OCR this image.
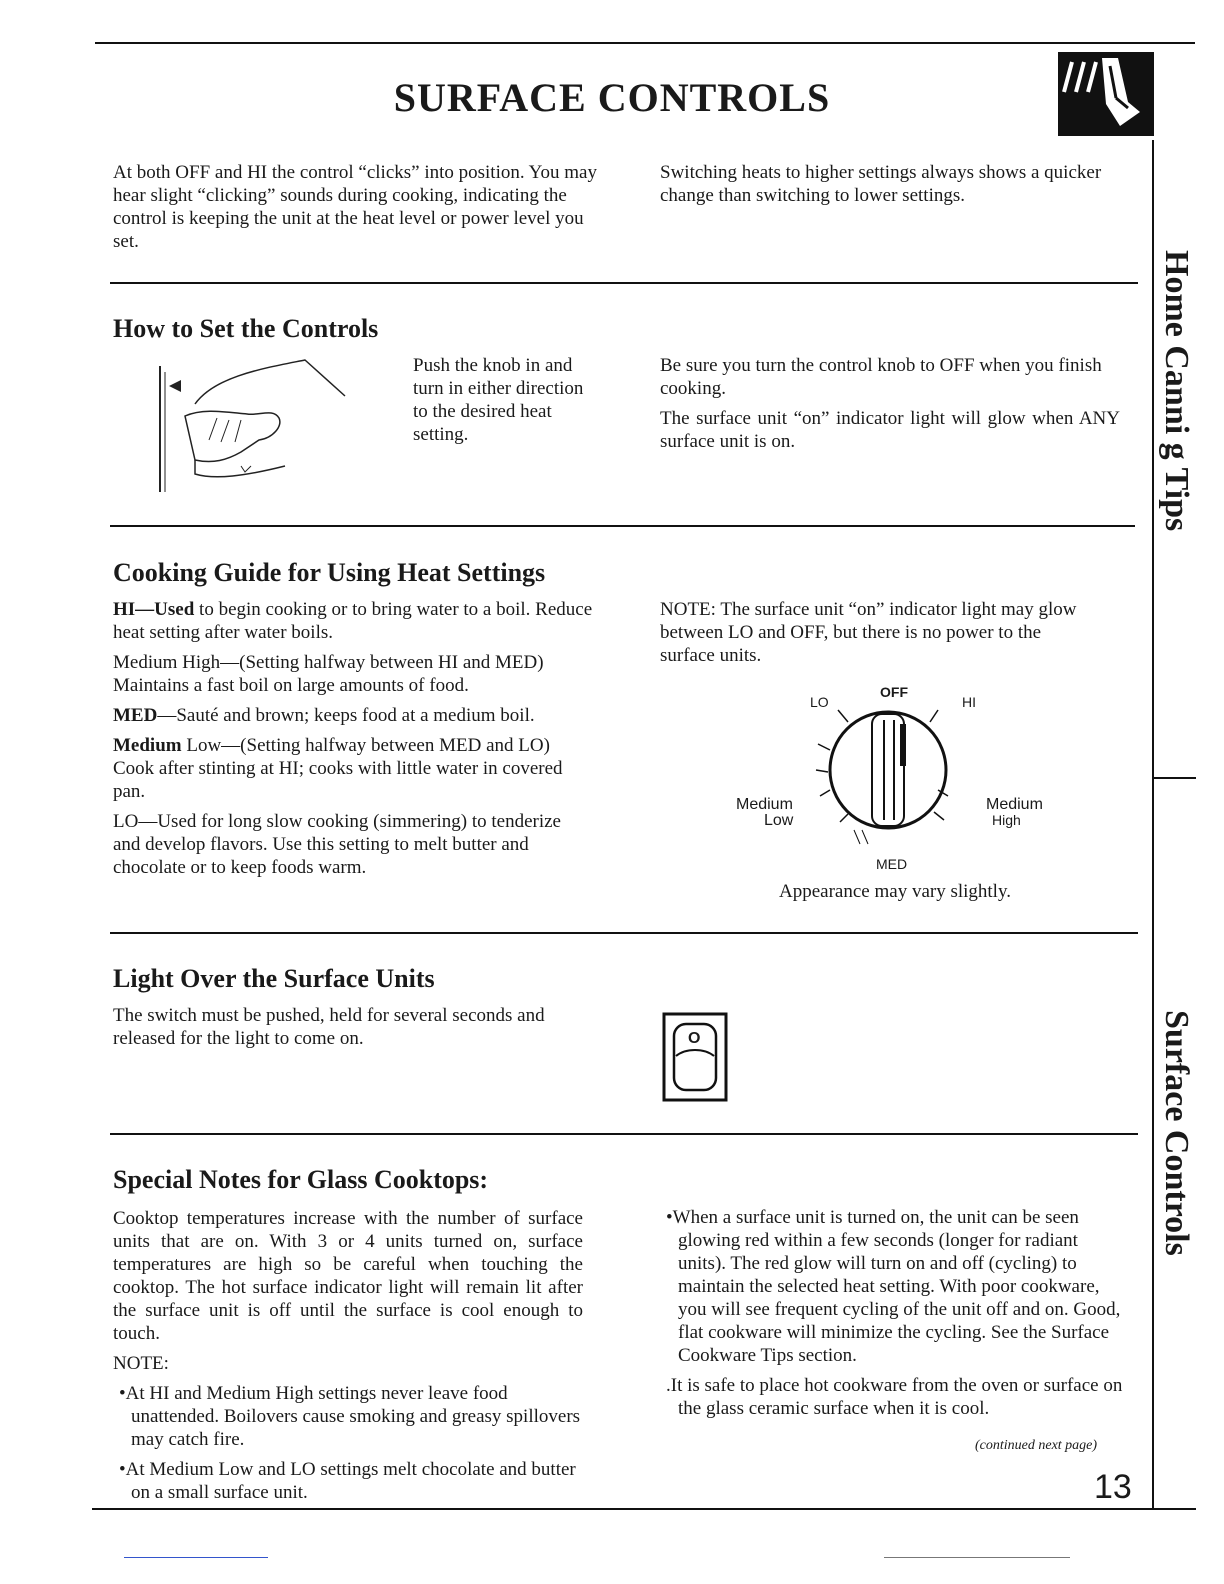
SURFACE CONTROLS
Home Canni g Tips
Surface Controls

At both OFF and HI the control “clicks” into position. You may hear slight “clicking” sounds during cooking, indicating the control is keeping the unit at the heat level or power level you set.

Switching heats to higher settings always shows a quicker change than switching to lower settings.

How to Set the Controls

Push the knob in and turn in either direction to the desired heat setting.

Be sure you turn the control knob to OFF when you finish cooking.

The surface unit “on” indicator light will glow when ANY surface unit is on.

Cooking Guide for Using Heat Settings

HI—Used to begin cooking or to bring water to a boil. Reduce heat setting after water boils.

Medium High—(Setting halfway between HI and MED) Maintains a fast boil on large amounts of food.

MED—Sauté and brown; keeps food at a medium boil.

Medium Low—(Setting halfway between MED and LO) Cook after stinting at HI; cooks with little water in covered pan.

LO—Used for long slow cooking (simmering) to tenderize and develop flavors. Use this setting to melt butter and chocolate or to keep foods warm.

NOTE: The surface unit “on” indicator light may glow between LO and OFF, but there is no power to the surface units.

LO
OFF
HI
Medium
Low
Medium
High
MED

Appearance may vary slightly.

Light Over the Surface Units

The switch must be pushed, held for several seconds and released for the light to come on.	O
Special Notes for Glass Cooktops:

Cooktop temperatures increase with the number of surface units that are on. With 3 or 4 units turned on, surface temperatures are high so be careful when touching the cooktop. The hot surface indicator light will remain lit after the surface unit is off until the surface is cool enough to touch.

NOTE:

•At HI and Medium High settings never leave food unattended. Boilovers cause smoking and greasy spillovers may catch fire.

•At Medium Low and LO settings melt chocolate and butter on a small surface unit.

•When a surface unit is turned on, the unit can be seen glowing red within a few seconds (longer for radiant units). The red glow will turn on and off (cycling) to maintain the selected heat setting. With poor cookware, you will see frequent cycling of the unit off and on. Good, flat cookware will minimize the cycling. See the Surface Cookware Tips section.

.It is safe to place hot cookware from the oven or surface on the glass ceramic surface when it is cool.

(continued next page)
13
